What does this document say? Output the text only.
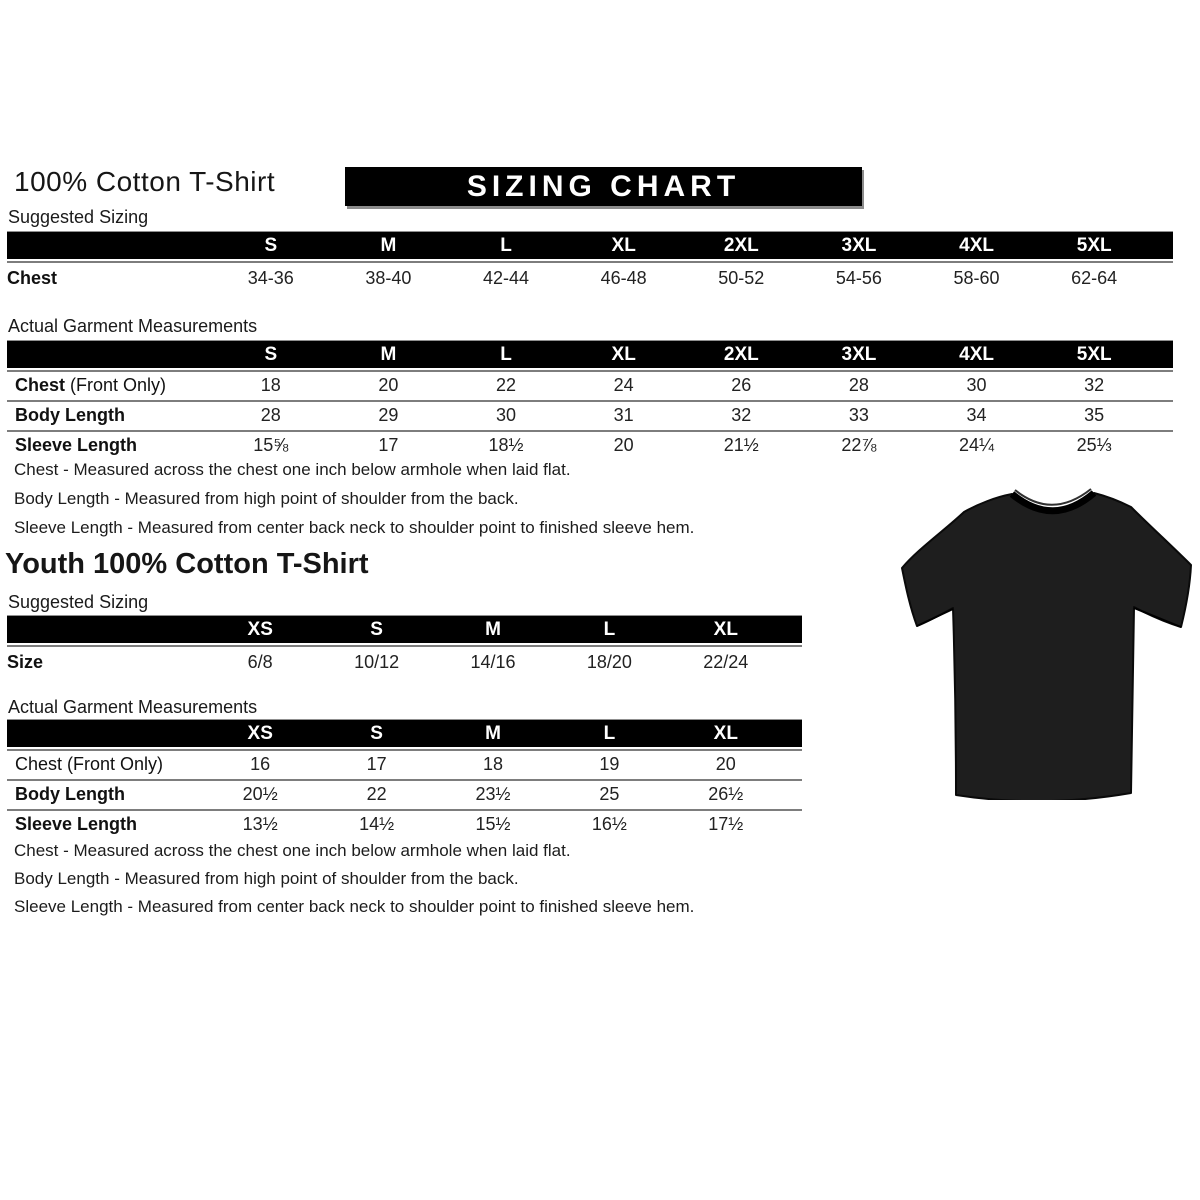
100% Cotton T-Shirt	SIZING CHART
Suggested Sizing
	S	M	L	XL	2XL	3XL	4XL	5XL	
Chest	34-36	38-40	42-44	46-48	50-52	54-56	58-60	62-64	
Actual Garment Measurements
	S	M	L	XL	2XL	3XL	4XL	5XL	
Chest (Front Only)	18	20	22	24	26	28	30	32	
Body Length	28	29	30	31	32	33	34	35	
Sleeve Length	15⅝	17	18½	20	21½	22⅞	24¼	25⅓	
Chest - Measured across the chest one inch below armhole when laid flat.
Body Length - Measured from high point of shoulder from the back.
Sleeve Length - Measured from center back neck to shoulder point to finished sleeve hem.
Youth 100% Cotton T-Shirt
Suggested Sizing
	XS	S	M	L	XL	
Size	6/8	10/12	14/16	18/20	22/24	
Actual Garment Measurements
	XS	S	M	L	XL	
Chest (Front Only)	16	17	18	19	20	
Body Length	20½	22	23½	25	26½	
Sleeve Length	13½	14½	15½	16½	17½	
Chest - Measured across the chest one inch below armhole when laid flat.
Body Length - Measured from high point of shoulder from the back.
Sleeve Length - Measured from center back neck to shoulder point to finished sleeve hem.
